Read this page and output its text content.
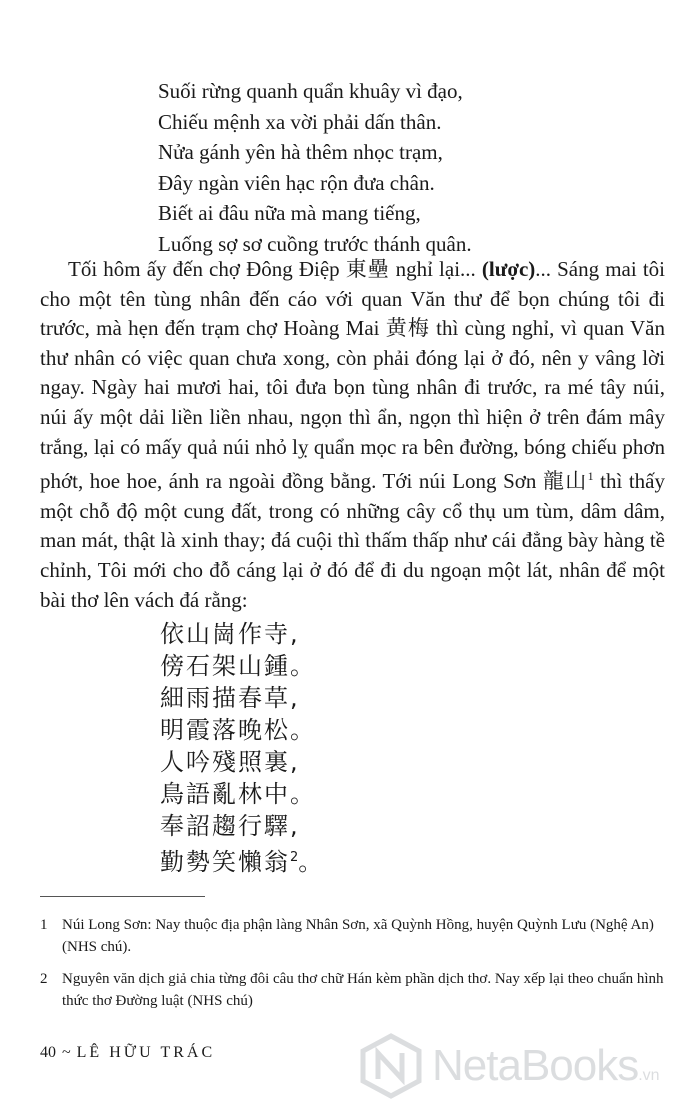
Suối rừng quanh quẩn khuây vì đạo,
Chiếu mệnh xa vời phải dấn thân.
Nửa gánh yên hà thêm nhọc trạm,
Đây ngàn viên hạc rộn đưa chân.
Biết ai đâu nữa mà mang tiếng,
Luống sợ sơ cuồng trước thánh quân.

Tối hôm ấy đến chợ Đông Điệp 東壘 nghỉ lại... (lược)... Sáng mai tôi cho một tên tùng nhân đến cáo với quan Văn thư để bọn chúng tôi đi trước, mà hẹn đến trạm chợ Hoàng Mai 黄梅 thì cùng nghỉ, vì quan Văn thư nhân có việc quan chưa xong, còn phải đóng lại ở đó, nên y vâng lời ngay. Ngày hai mươi hai, tôi đưa bọn tùng nhân đi trước, ra mé tây núi, núi ấy một dải liền liền nhau, ngọn thì ẩn, ngọn thì hiện ở trên đám mây trắng, lại có mấy quả núi nhỏ lỵ quẩn mọc ra bên đường, bóng chiếu phơn phớt, hoe hoe, ánh ra ngoài đồng bằng. Tới núi Long Sơn 龍山$^1$ thì thấy một chỗ độ một cung đất, trong có những cây cổ thụ um tùm, dâm dâm, man mát, thật là xinh thay; đá cuội thì thấm thấp như cái đẳng bày hàng tề chỉnh, Tôi mới cho đỗ cáng lại ở đó để đi du ngoạn một lát, nhân để một bài thơ lên vách đá rằng:

依山崗作寺,
傍石架山鍾。
細雨描春草,
明霞落晚松。
人吟殘照裏,
鳥語亂林中。
奉詔趨行驛,
勤勢笑懶翁$^2$。
1 Núi Long Sơn: Nay thuộc địa phận làng Nhân Sơn, xã Quỳnh Hồng, huyện Quỳnh Lưu (Nghệ An) (NHS chú).
2 Nguyên văn dịch giả chia từng đôi câu thơ chữ Hán kèm phần dịch thơ. Nay xếp lại theo chuẩn hình thức thơ Đường luật (NHS chú)
40 ~ LÊ HỮU TRÁC	NetaBooks.vn
